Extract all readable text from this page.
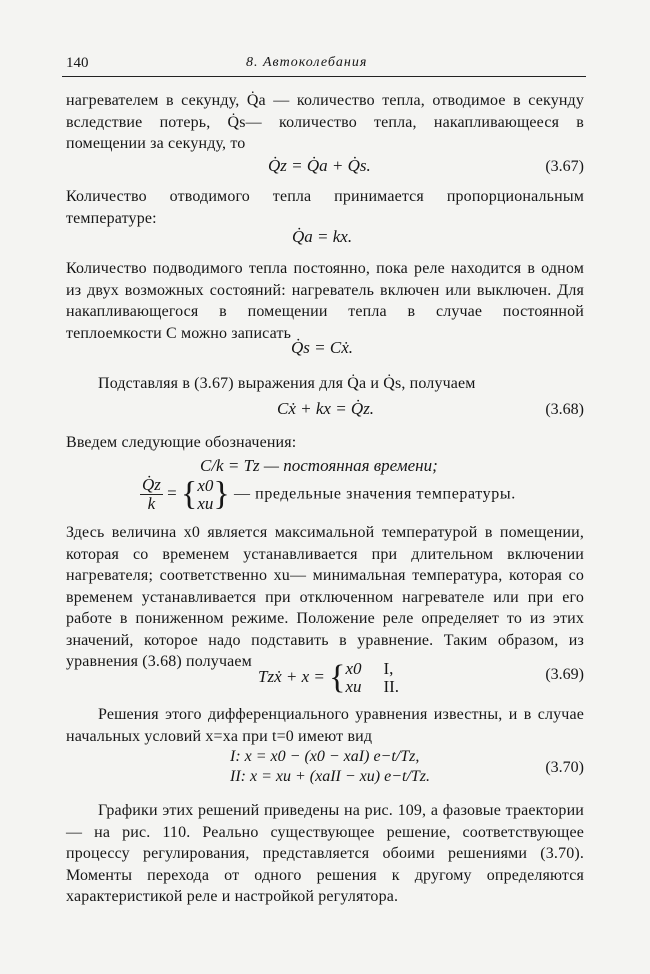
140	8. Автоколебания

нагревателем в секунду, Q̇a — количество тепла, отводимое в секунду вследствие потерь, Q̇s— количество тепла, накапливающееся в помещении за секунду, то

Q̇z = Q̇a + Q̇s.	(3.67)

Количество отводимого тепла принимается пропорциональным температуре:

Q̇a = kx.

Количество подводимого тепла постоянно, пока реле находится в одном из двух возможных состояний: нагреватель включен или выключен. Для накапливающегося в помещении тепла в случае постоянной теплоемкости C можно записать

Q̇s = Cẋ.

Подставляя в (3.67) выражения для Q̇a и Q̇s, получаем

Cẋ + kx = Q̇z.	(3.68)

Введем следующие обозначения:

C/k = Tz — постоянная времени;
$\frac{Q̇z}{k}$ = { x0
xu } — предельные значения температуры.

Здесь величина x0 является максимальной температурой в помещении, которая со временем устанавливается при длительном включении нагревателя; соответственно xu— минимальная температура, которая со временем устанавливается при отключенном нагревателе или при его работе в пониженном режиме. Положение реле определяет то из этих значений, которое надо подставить в уравнение. Таким образом, из уравнения (3.68) получаем

Tzẋ + x = { x0 I,
xu II.
(3.69)

Решения этого дифференциального уравнения известны, и в случае начальных условий x=xa при t=0 имеют вид

I: x = x0 − (x0 − xaI) e−t/Tz,
II: x = xu + (xaII − xu) e−t/Tz.
(3.70)

Графики этих решений приведены на рис. 109, а фазовые траектории — на рис. 110. Реально существующее решение, соответствующее процессу регулирования, представляется обоими решениями (3.70). Моменты перехода от одного решения к другому определяются характеристикой реле и настройкой регулятора.
